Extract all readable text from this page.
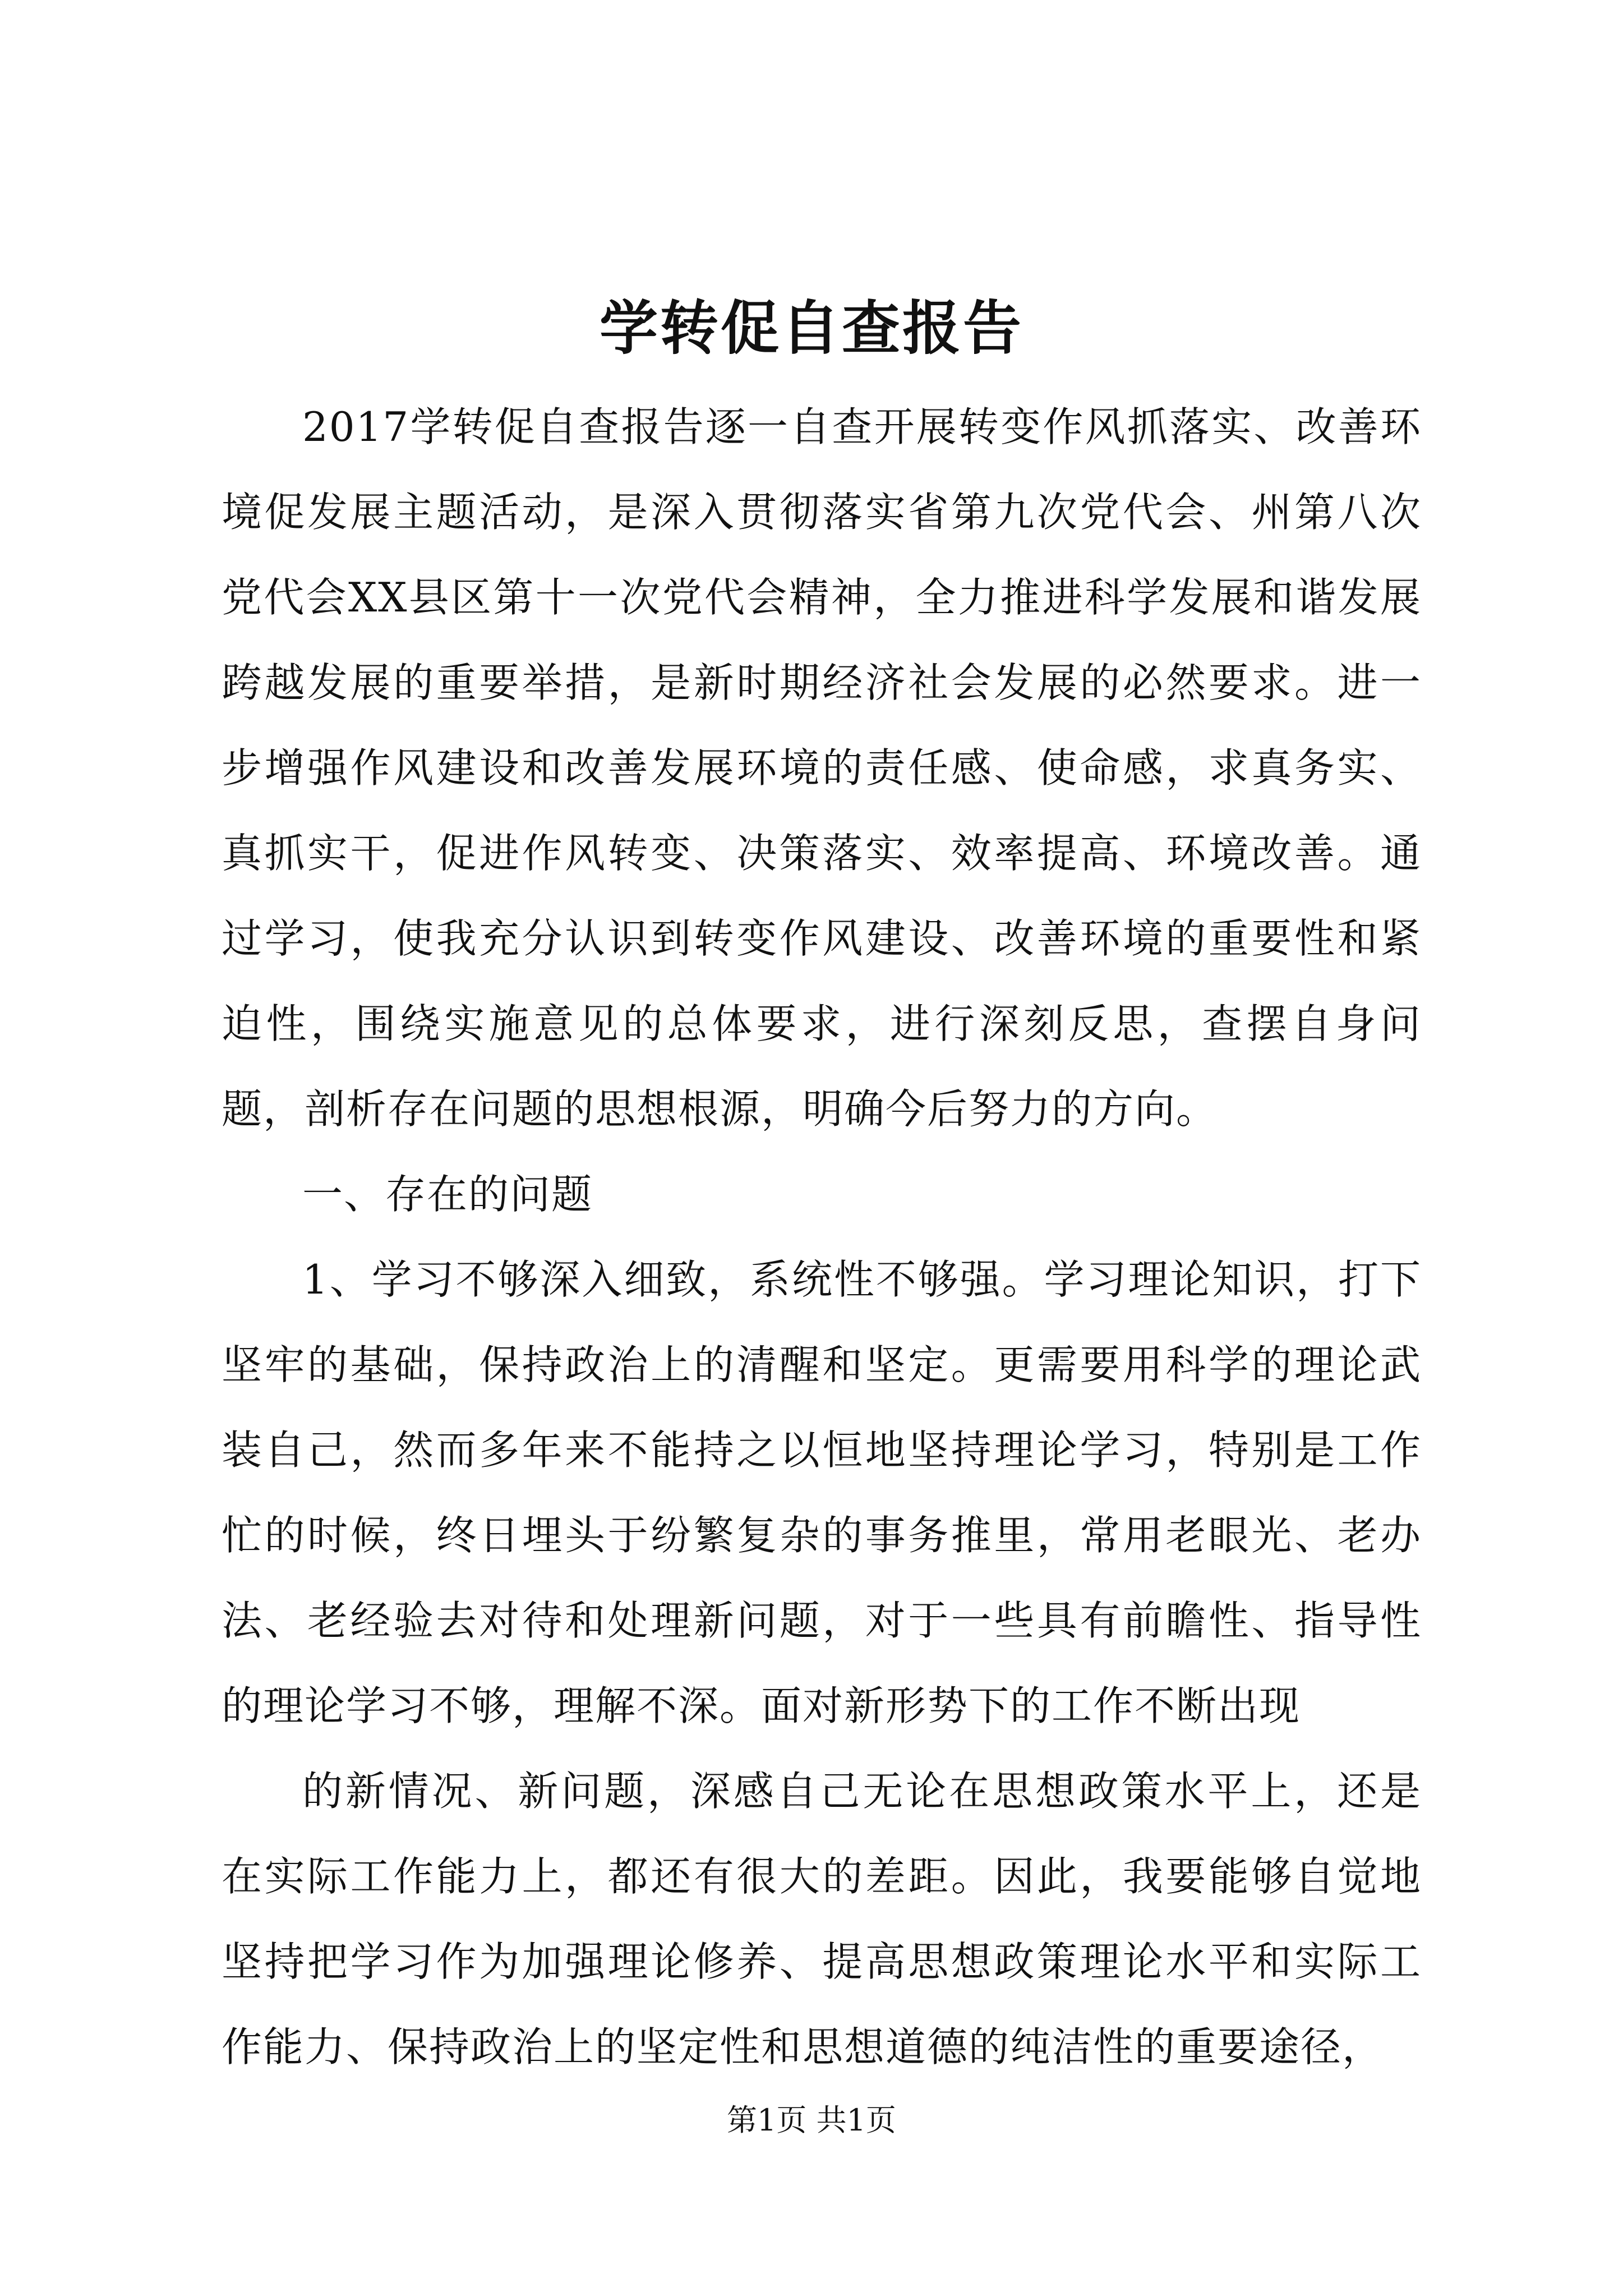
学转促自查报告

2017学转促自查报告逐一自查开展转变作风抓落实、改善环境促发展主题活动，是深入贯彻落实省第九次党代会、州第八次党代会XX县区第十一次党代会精神，全力推进科学发展和谐发展跨越发展的重要举措，是新时期经济社会发展的必然要求。进一步增强作风建设和改善发展环境的责任感、使命感，求真务实、真抓实干，促进作风转变、决策落实、效率提高、环境改善。通过学习，使我充分认识到转变作风建设、改善环境的重要性和紧迫性，围绕实施意见的总体要求，进行深刻反思，查摆自身问题，剖析存在问题的思想根源，明确今后努力的方向。

一、存在的问题

1、学习不够深入细致，系统性不够强。学习理论知识，打下坚牢的基础，保持政治上的清醒和坚定。更需要用科学的理论武装自己，然而多年来不能持之以恒地坚持理论学习，特别是工作忙的时候，终日埋头于纷繁复杂的事务推里，常用老眼光、老办法、老经验去对待和处理新问题，对于一些具有前瞻性、指导性的理论学习不够，理解不深。面对新形势下的工作不断出现

的新情况、新问题，深感自己无论在思想政策水平上，还是在实际工作能力上，都还有很大的差距。因此，我要能够自觉地坚持把学习作为加强理论修养、提高思想政策理论水平和实际工作能力、保持政治上的坚定性和思想道德的纯洁性的重要途径，

第1页 共1页
